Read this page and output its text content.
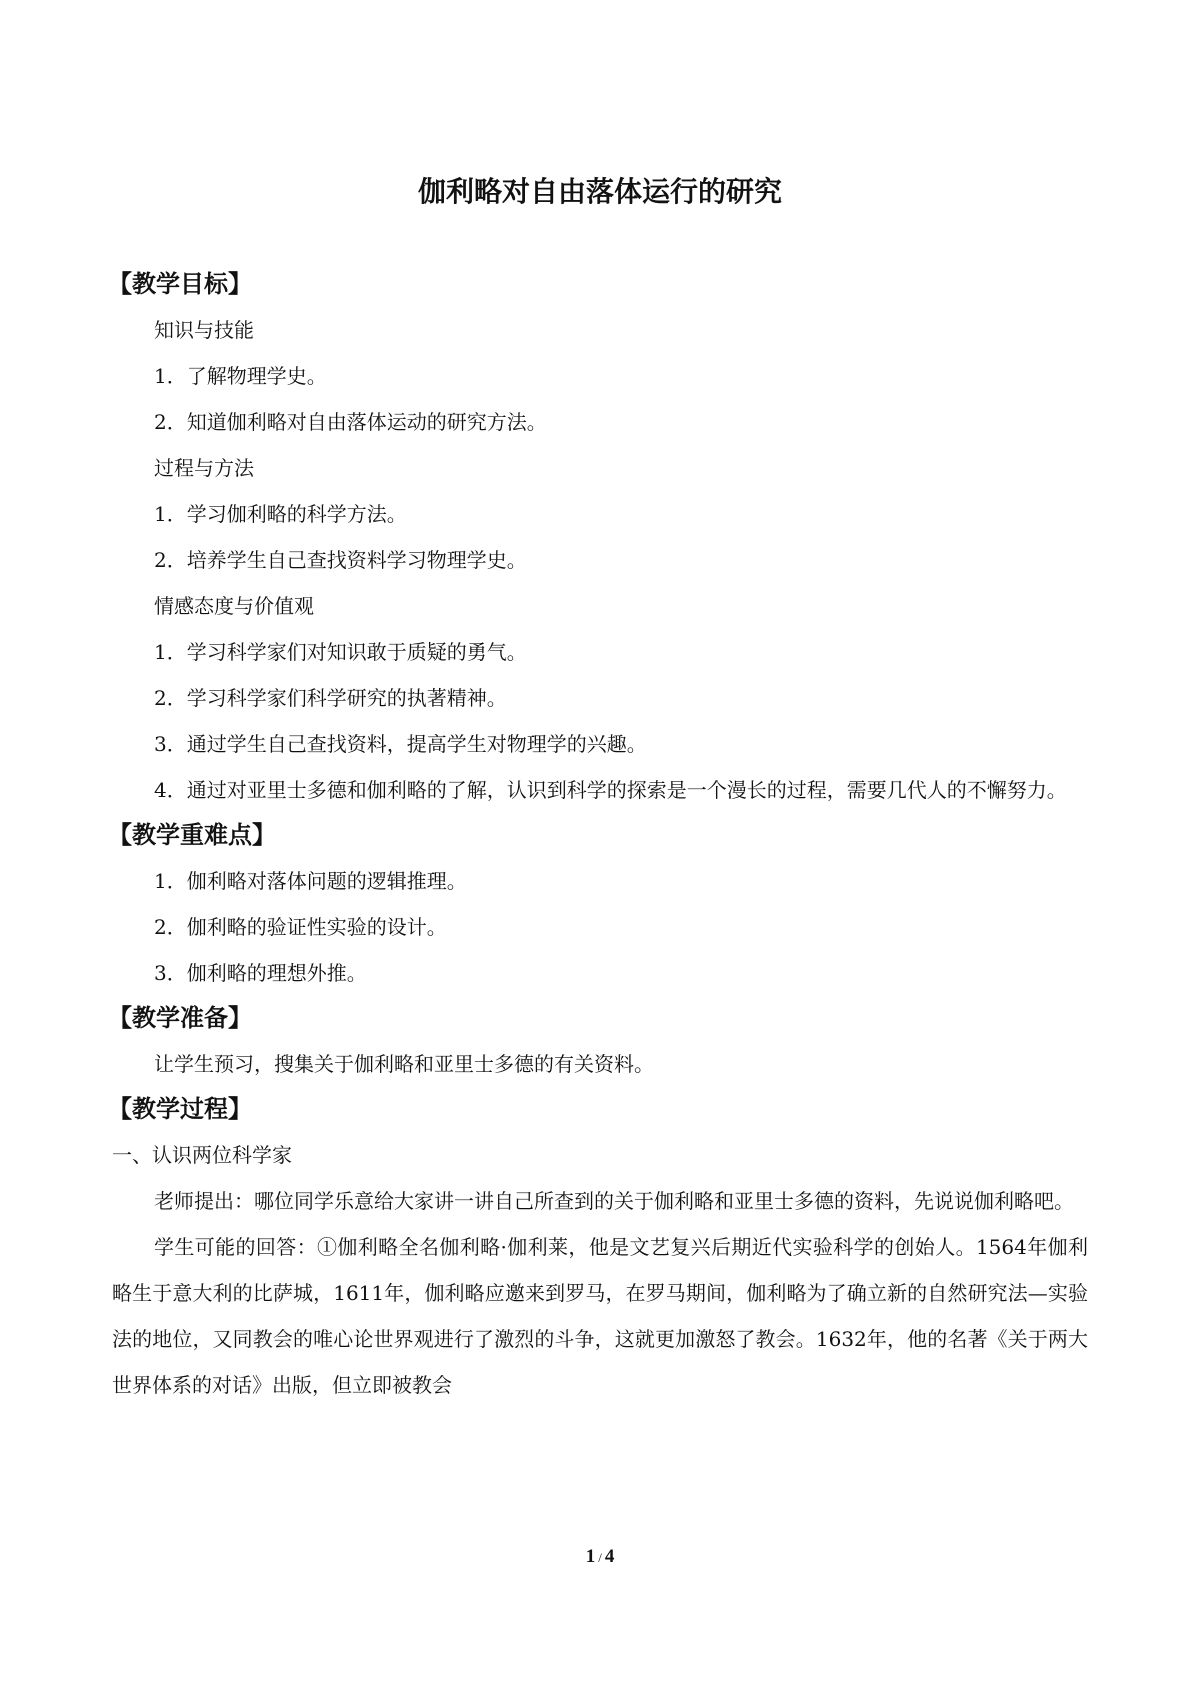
伽利略对自由落体运行的研究
【教学目标】
知识与技能
1．了解物理学史。
2．知道伽利略对自由落体运动的研究方法。
过程与方法
1．学习伽利略的科学方法。
2．培养学生自己查找资料学习物理学史。
情感态度与价值观
1．学习科学家们对知识敢于质疑的勇气。
2．学习科学家们科学研究的执著精神。
3．通过学生自己查找资料，提高学生对物理学的兴趣。

4．通过对亚里士多德和伽利略的了解，认识到科学的探索是一个漫长的过程，需要几代人的不懈努力。

【教学重难点】
1．伽利略对落体问题的逻辑推理。
2．伽利略的验证性实验的设计。
3．伽利略的理想外推。
【教学准备】
让学生预习，搜集关于伽利略和亚里士多德的有关资料。
【教学过程】
一、认识两位科学家

老师提出：哪位同学乐意给大家讲一讲自己所查到的关于伽利略和亚里士多德的资料，先说说伽利略吧。

学生可能的回答：①伽利略全名伽利略·伽利莱，他是文艺复兴后期近代实验科学的创始人。1564年伽利略生于意大利的比萨城，1611年，伽利略应邀来到罗马，在罗马期间，伽利略为了确立新的自然研究法—实验法的地位，又同教会的唯心论世界观进行了激烈的斗争，这就更加激怒了教会。1632年，他的名著《关于两大世界体系的对话》出版，但立即被教会

1 / 4
